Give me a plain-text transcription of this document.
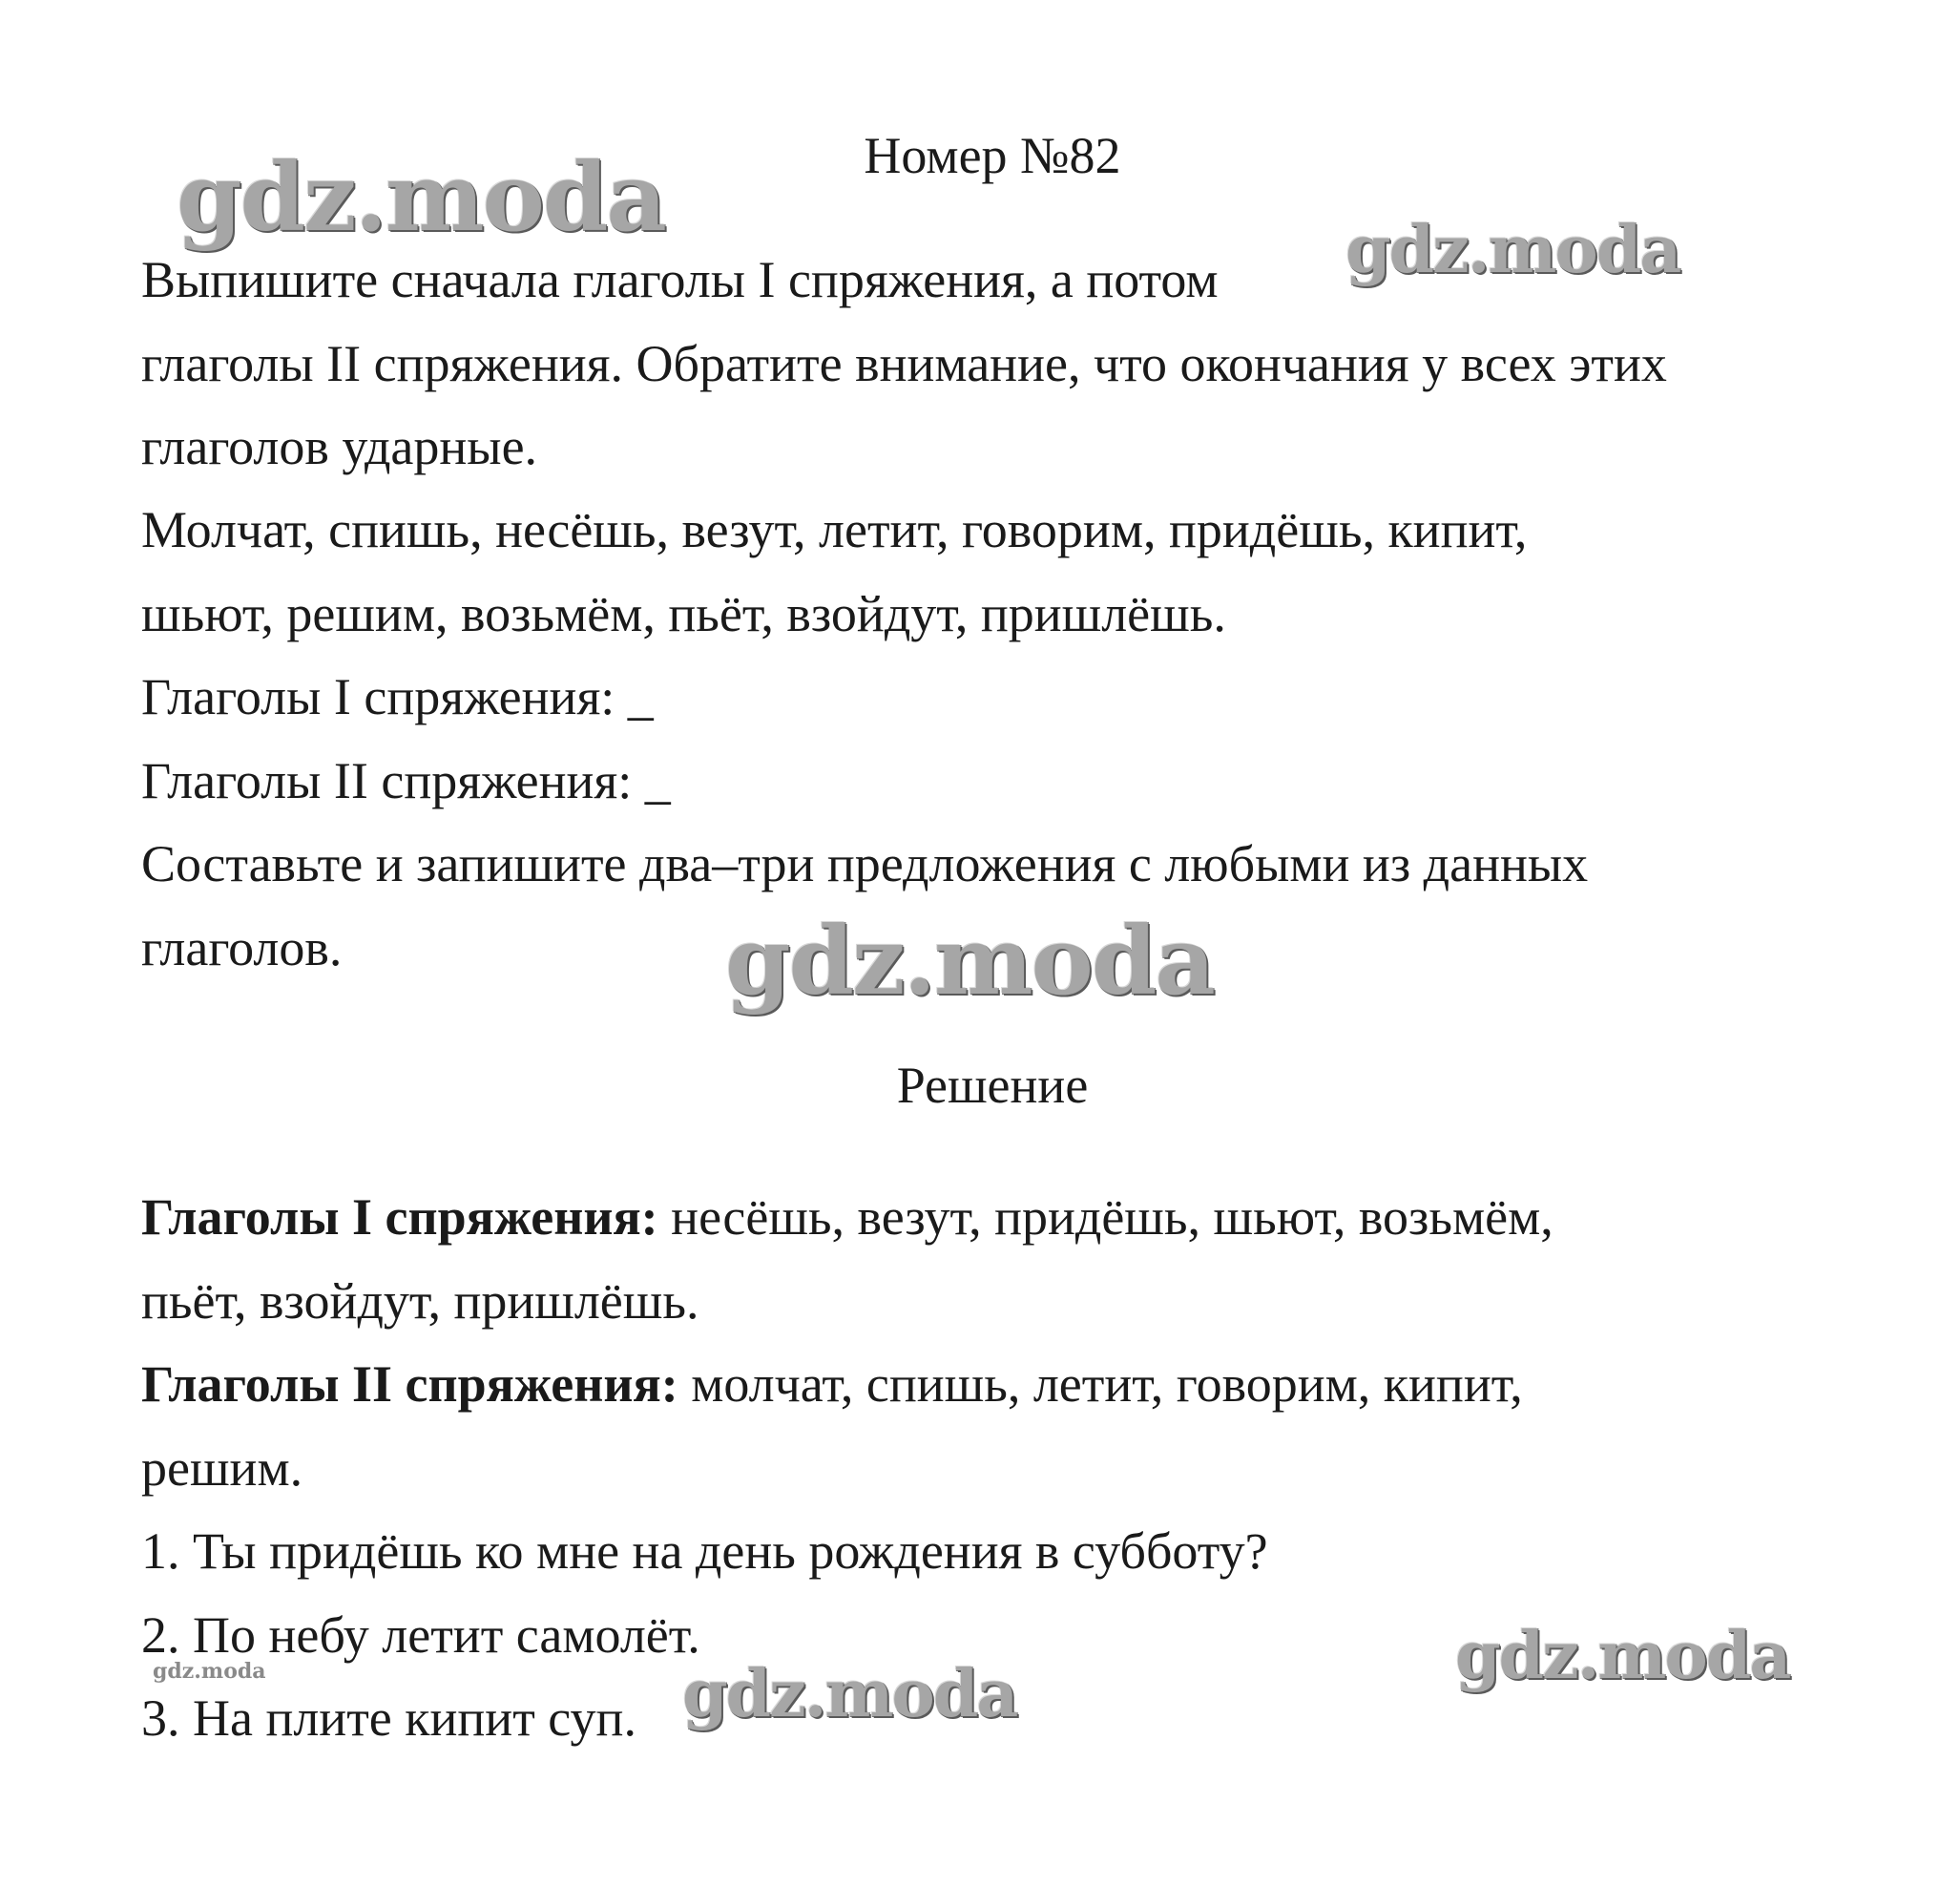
Номер №82
Выпишите сначала глаголы I спряжения, а потом
глаголы II спряжения. Обратите внимание, что окончания у всех этих
глаголов ударные.
Молчат, спишь, несёшь, везут, летит, говорим, придёшь, кипит,
шьют, решим, возьмём, пьёт, взойдут, пришлёшь.
Глаголы I спряжения: _
Глаголы II спряжения: _
Составьте и запишите два–три предложения с любыми из данных
глаголов.
Решение
Глаголы I спряжения: несёшь, везут, придёшь, шьют, возьмём,
пьёт, взойдут, пришлёшь.
Глаголы II спряжения: молчат, спишь, летит, говорим, кипит,
решим.
1. Ты придёшь ко мне на день рождения в субботу?
2. По небу летит самолёт.
3. На плите кипит суп.
gdz.moda	gdz.moda
gdz.moda
gdz.moda
gdz.moda
gdz.moda
